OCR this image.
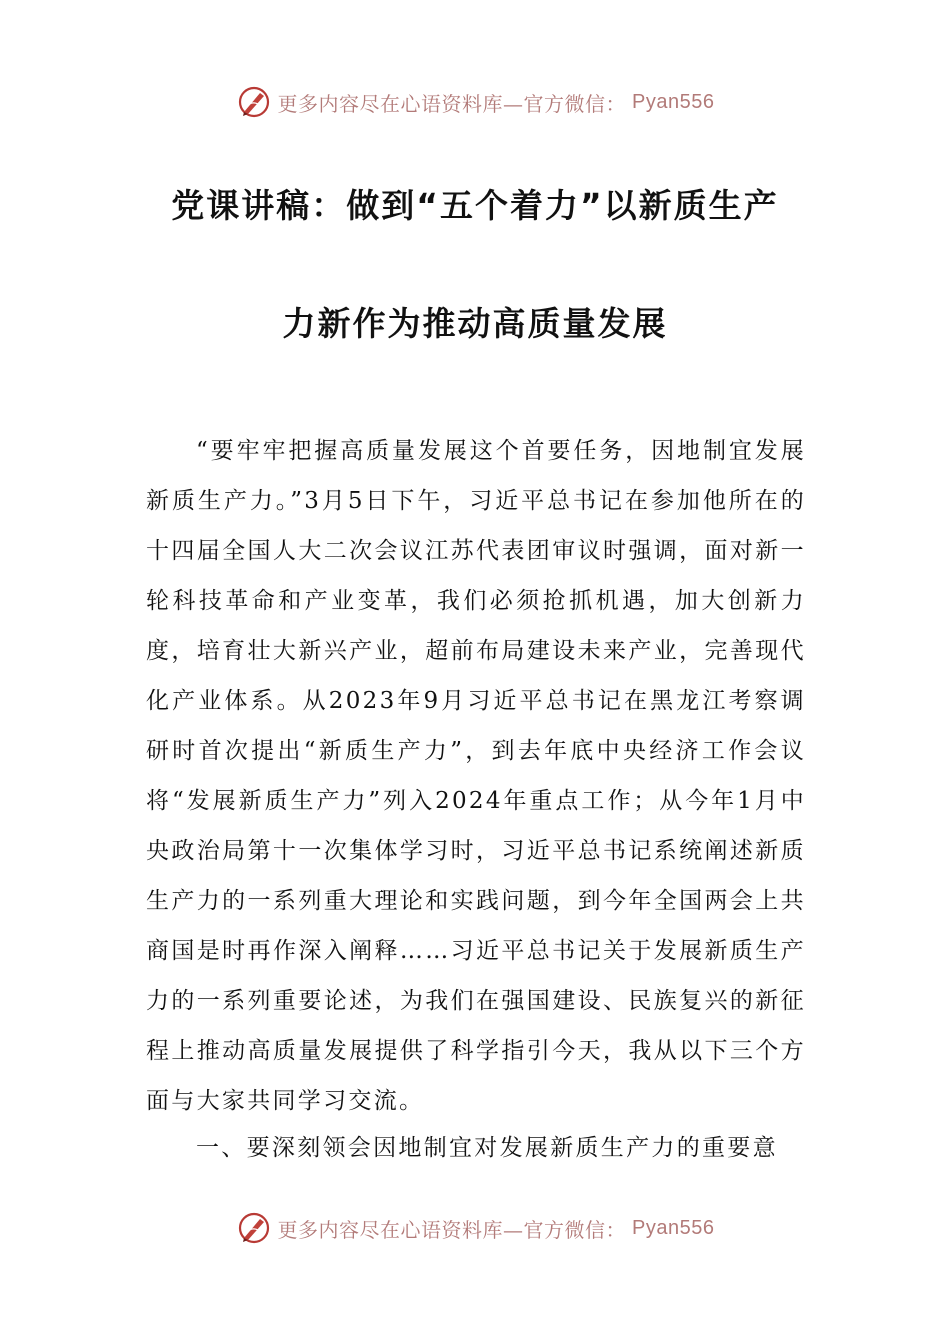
更多内容尽在心语资料库—官方微信： Pyan556
党课讲稿：做到“五个着力”以新质生产
力新作为推动高质量发展

“要牢牢把握高质量发展这个首要任务，因地制宜发展新质生产力。”3月5日下午，习近平总书记在参加他所在的十四届全国人大二次会议江苏代表团审议时强调，面对新一轮科技革命和产业变革，我们必须抢抓机遇，加大创新力度，培育壮大新兴产业，超前布局建设未来产业，完善现代化产业体系。从2023年9月习近平总书记在黑龙江考察调研时首次提出“新质生产力”，到去年底中央经济工作会议将“发展新质生产力”列入2024年重点工作；从今年1月中央政治局第十一次集体学习时，习近平总书记系统阐述新质生产力的一系列重大理论和实践问题，到今年全国两会上共商国是时再作深入阐释……习近平总书记关于发展新质生产力的一系列重要论述，为我们在强国建设、民族复兴的新征程上推动高质量发展提供了科学指引今天，我从以下三个方面与大家共同学习交流。

一、要深刻领会因地制宜对发展新质生产力的重要意

更多内容尽在心语资料库—官方微信： Pyan556
